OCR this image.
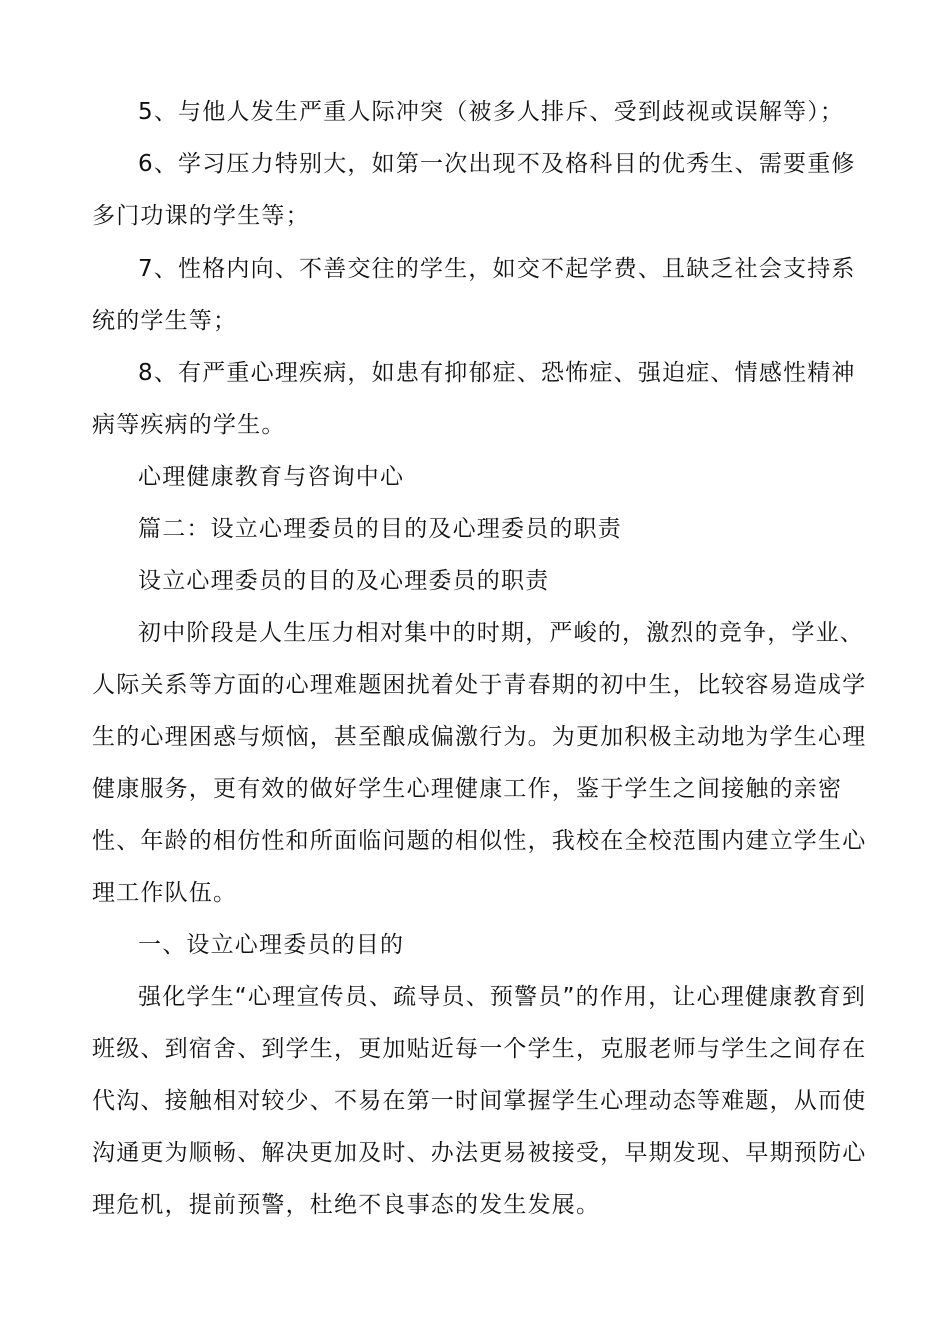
5、与他人发生严重人际冲突（被多人排斥、受到歧视或误解等）；
6、学习压力特别大，如第一次出现不及格科目的优秀生、需要重修
多门功课的学生等；
7、性格内向、不善交往的学生，如交不起学费、且缺乏社会支持系
统的学生等；
8、有严重心理疾病，如患有抑郁症、恐怖症、强迫症、情感性精神
病等疾病的学生。
心理健康教育与咨询中心
篇二：设立心理委员的目的及心理委员的职责
设立心理委员的目的及心理委员的职责
初中阶段是人生压力相对集中的时期，严峻的，激烈的竞争，学业、
人际关系等方面的心理难题困扰着处于青春期的初中生，比较容易造成学
生的心理困惑与烦恼，甚至酿成偏激行为。为更加积极主动地为学生心理
健康服务，更有效的做好学生心理健康工作，鉴于学生之间接触的亲密
性、年龄的相仿性和所面临问题的相似性，我校在全校范围内建立学生心
理工作队伍。
一、设立心理委员的目的
强化学生“心理宣传员、疏导员、预警员”的作用，让心理健康教育到
班级、到宿舍、到学生，更加贴近每一个学生，克服老师与学生之间存在
代沟、接触相对较少、不易在第一时间掌握学生心理动态等难题，从而使
沟通更为顺畅、解决更加及时、办法更易被接受，早期发现、早期预防心
理危机，提前预警，杜绝不良事态的发生发展。
